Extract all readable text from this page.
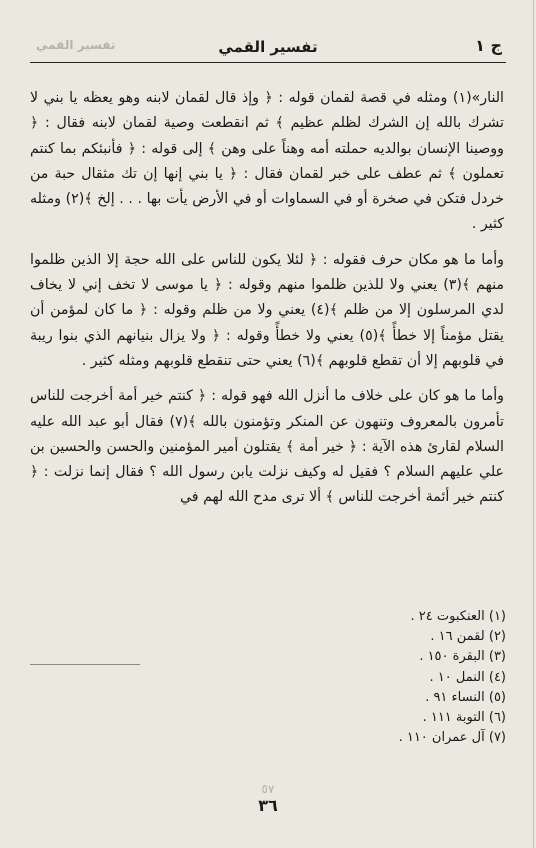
ج ١
تفسير القمي
تفسير القمي

النار»(١) ومثله في قصة لقمان قوله : ﴿ وإذ قال لقمان لابنه وهو يعظه يا بني لا تشرك بالله إن الشرك لظلم عظيم ﴾ ثم انقطعت وصية لقمان لابنه فقال : ﴿ ووصينا الإنسان بوالديه حملته أمه وهناً على وهن ﴾ إلى قوله : ﴿ فأنبئكم بما كنتم تعملون ﴾ ثم عطف على خبر لقمان فقال : ﴿ يا بني إنها إن تك مثقال حبة من خردل فتكن في صخرة أو في السماوات أو في الأرض يأت بها . . . إلخ ﴾(٢) ومثله كثير .

وأما ما هو مكان حرف فقوله : ﴿ لئلا يكون للناس على الله حجة إلا الذين ظلموا منهم ﴾(٣) يعني ولا للذين ظلموا منهم وقوله : ﴿ يا موسى لا تخف إني لا يخاف لدي المرسلون إلا من ظلم ﴾(٤) يعني ولا من ظلم وقوله : ﴿ ما كان لمؤمن أن يقتل مؤمناً إلا خطأً ﴾(٥) يعني ولا خطأً وقوله : ﴿ ولا يزال بنيانهم الذي بنوا ريبة في قلوبهم إلا أن تقطع قلوبهم ﴾(٦) يعني حتى تنقطع قلوبهم ومثله كثير .

وأما ما هو كان على خلاف ما أنزل الله فهو قوله : ﴿ كنتم خير أمة أخرجت للناس تأمرون بالمعروف وتنهون عن المنكر وتؤمنون بالله ﴾(٧) فقال أبو عبد الله عليه السلام لقارئ هذه الآية : ﴿ خير أمة ﴾ يقتلون أمير المؤمنين والحسن والحسين بن علي عليهم السلام ؟ فقيل له وكيف نزلت يابن رسول الله ؟ فقال إنما نزلت : ﴿ كنتم خير أئمة أخرجت للناس ﴾ ألا ترى مدح الله لهم في

(١) العنكبوت ٢٤ .
(٢) لقمن ١٦ .
(٣) البقرة ١٥٠ .
(٤) النمل ١٠ .
(٥) النساء ٩١ .
(٦) التوبة ١١١ .
(٧) آل عمران ١١٠ .
٥٧
٣٦
